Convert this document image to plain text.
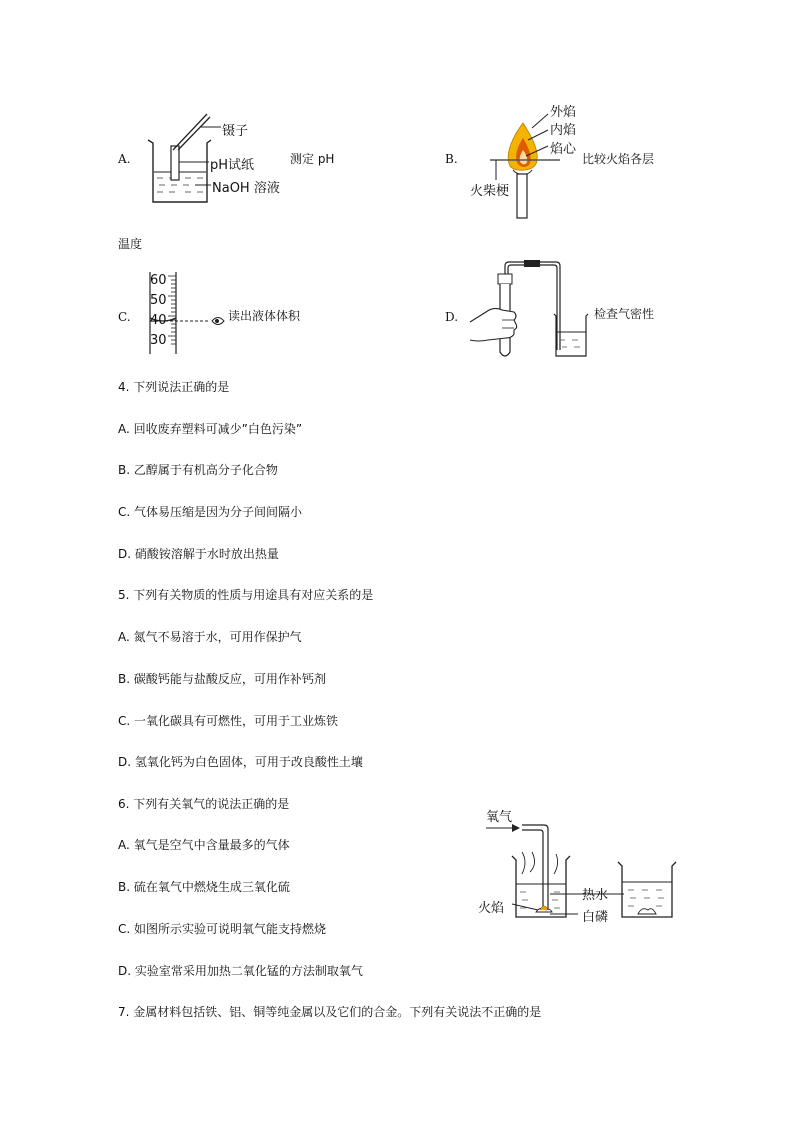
A.
镊子
pH试纸
NaOH 溶液
测定 pH	B.
外焰
内焰
焰心
比较火焰各层
火柴梗
温度
C.
60
50
40
30
读出液体体积	D.	检查气密性
4. 下列说法正确的是
A. 回收废弃塑料可减少”白色污染”
B. 乙醇属于有机高分子化合物
C. 气体易压缩是因为分子间间隔小
D. 硝酸铵溶解于水时放出热量
5. 下列有关物质的性质与用途具有对应关系的是
A. 氮气不易溶于水，可用作保护气
B. 碳酸钙能与盐酸反应，可用作补钙剂
C. 一氧化碳具有可燃性，可用于工业炼铁
D. 氢氧化钙为白色固体，可用于改良酸性土壤
6. 下列有关氧气的说法正确的是
A. 氧气是空气中含量最多的气体
B. 硫在氧气中燃烧生成三氧化硫
C. 如图所示实验可说明氧气能支持燃烧
D. 实验室常采用加热二氧化锰的方法制取氧气
氧气
热水
火焰
白磷
7. 金属材料包括铁、铝、铜等纯金属以及它们的合金。下列有关说法不正确的是
